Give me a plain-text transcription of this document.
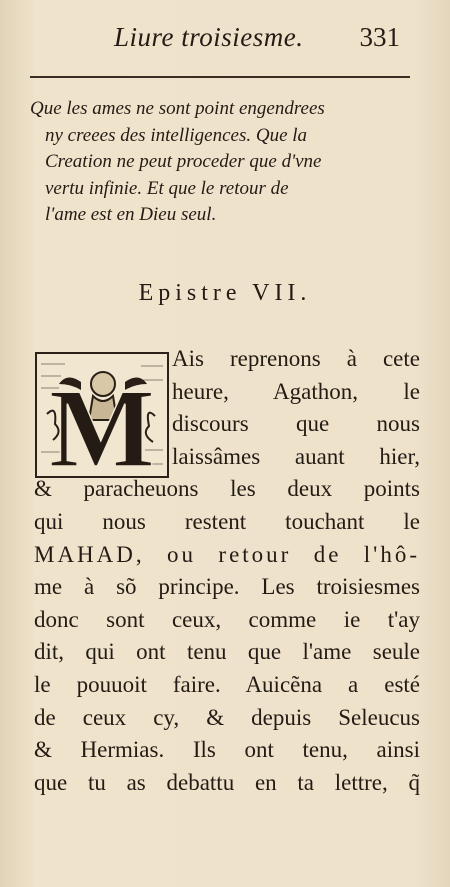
Liure troisiesme. 331
Que les ames ne sont point engendrees
ny creees des intelligences. Que la
Creation ne peut proceder que d'vne
vertu infinie. Et que le retour de
l'ame est en Dieu seul.
Epistre VII.
M
Ais reprenons à cete
heure, Agathon, le
discours que nous
laissâmes auant hier,
& paracheuons les deux points
qui nous restent touchant le
MAHAD, ou retour de l'hô-
me à sõ principe. Les troisiesmes
donc sont ceux, comme ie t'ay
dit, qui ont tenu que l'ame seule
le pouuoit faire. Auicẽna a esté
de ceux cy, & depuis Seleucus
& Hermias. Ils ont tenu, ainsi
que tu as debattu en ta lettre, q̃
